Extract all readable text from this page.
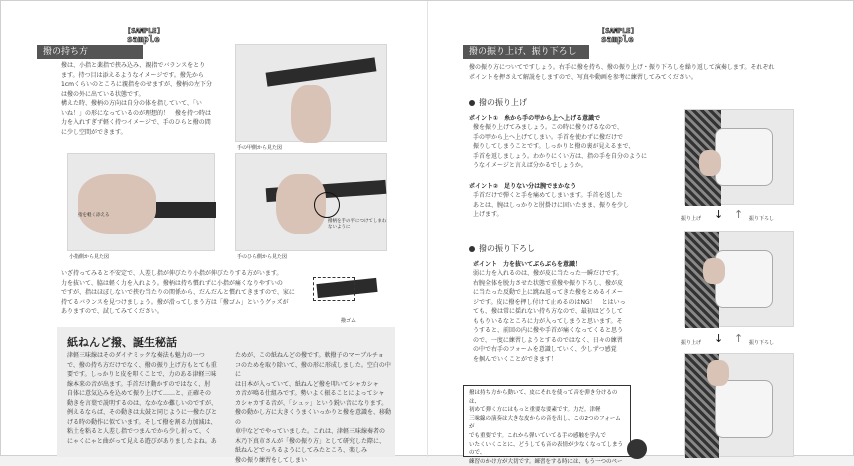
撥の持ち方
[SAMPLE]
sample
撥は、小指と薬指で挟み込み、親指でバランスをとり
ます。持つ目は添えるようなイメージです。撥先から
1cmくらいのところに親指をのせますが、撥柄の左下分
は撥の外に出ている状態です。
構えた時、撥柄の方向は自分の体を指していて、「い
いね！」の形になっているのが理想的！　撥を持つ時は
力を入れすぎず軽く持つイメージで、手のひらと撥の間
に少し空間ができます。
手の甲側から見た図
指を軽く添える
小指側から見た図
撥柄を手の平につけてしまわないように
手のひら側から見た図
いざ持ってみると不安定で、人差し指が伸びたり小指が伸びたりする方がいます。
力を抜いて、脇は軽く力を入れよう。撥柄は持ち慣れずに小指が痛くなりやすいの
ですが、指はほぼしないで挟む当たりの関係から、だんだんと慣れてきますので、家に
持てるバランスを見つけましょう。撥が滑ってしまう方は「撥ゴム」というグッズが
ありますので、試してみてください。
撥ゴム
紙ねんど撥、誕生秘話
津軽三味線はそのダイナミックな奏法も魅力の一つ
で、撥の持ち方だけでなく、撥の振り上げ方もとても重
要です。しっかりと皮を叩くことで、力のある津軽三味
線本来の音が出ます。手首だけ動かすのではなく、肘
自体に意気込みを込めて振り上げて……と、正確その
動きを言葉で説明するのは、なかなか難しいのですが、
例えるならば、その動きは太鼓と同じように一撥たびと
げる時の動作に似ています。そして撥を割る力加減は、
粘土を粘ると人差し指でつまんでから少し折って、く
にゃくにゃと曲がって見える遊びがありましたよね。あ
ためが、この紙ねんどの撥です。軟撥子のマーブルチョ
コのためを取り除いて、撥の形に形成しました。空白の中に
は日本が入っていて、紙ねんど撥を叩いてシャカシャ
カ音が鳴る仕組みです。勢いよく振ることによってシャ
カシャカする音が、「シュッ」という鋭い音になります。
撥の動かし方に大きくうまくいっかりと撥を意識を、移動の
車中などでやっていました。これは、津軽三味線奏者の
木乃下真市さんが「撥の振り方」として研究した際に、
紙ねんどでっちるようにしてみたところ、楽しみ
撥の振り練習をしてしまい
撥の振り上げ、振り下ろし
[SAMPLE]
sample
撥の振り方についてですしょう。右手に撥を持ち、撥の振り上げ・振り下ろしを繰り返して演奏します。それぞれ
ポイントを押さえて解説をしますので、写真や動画を参考に練習してみてください。
撥の振り上げ
ポイント①　糸から手の甲から上へ上げる意識で
撥を振り上げてみましょう。この時に撥りげるなので、
手の甲から上へ上げてしまい。手首を使わずに撥だけで
振りしてしまうことです。しっかりと撥の裏が見えるまで、
手首を返しましょう。わかりにくい方は、指の手を自分のように
うなイメージと言えば分かるでしょうか。
ポイント②　足りない分は腕でまかなう
手首だけで弾くと手を痛めてしまいます。手首を返した
あとは、腕はしっかりと肘掛けに固いたまま、振りを少し
上げます。
撥の振り下ろし
ポイント　力を抜いてぶらぶらを意識！
弱に力を入れるのは、撥が皮に当たった一瞬だけです。
右腕全体を脱力させた状態で重撥や振り下ろし、撥が皮
に当たった反動で上に跳ね返ってきた撥をとめるイメー
ジです。皮に撥を押し付けて止めるのはNG！　とはいっ
ても、撥は常に揺れない持ち方なので、最初はどうして
ももりいるなところに力が入ってしまうと思います。そ
うすると、前回の内に撥や手首が痛くなってくると思う
ので、一度に練習しようとするのではなく、日々の練習
の中で右手のフォームを意識していく、少しずつ感覚
を掴んでいくことができます！
撥は持ち方から動いて、皮にそれを使って音を弾き分けるのは、
初めて弾く方にはもっと重要な要素です。力だ。津軽
三味線の演奏は大きな皮からの音を出し、この2つのフォームが
でも重要です。これから弾いていてる手の感触を学んで
いたくいくことに、どうしても音の表情が少なくなってしまうので、
練習のかけ方が大切です。練習をする時には、もう一つのペー
振り上げ ↓ ↑ 振り下ろし
振り上げ ↓ ↑ 振り下ろし
